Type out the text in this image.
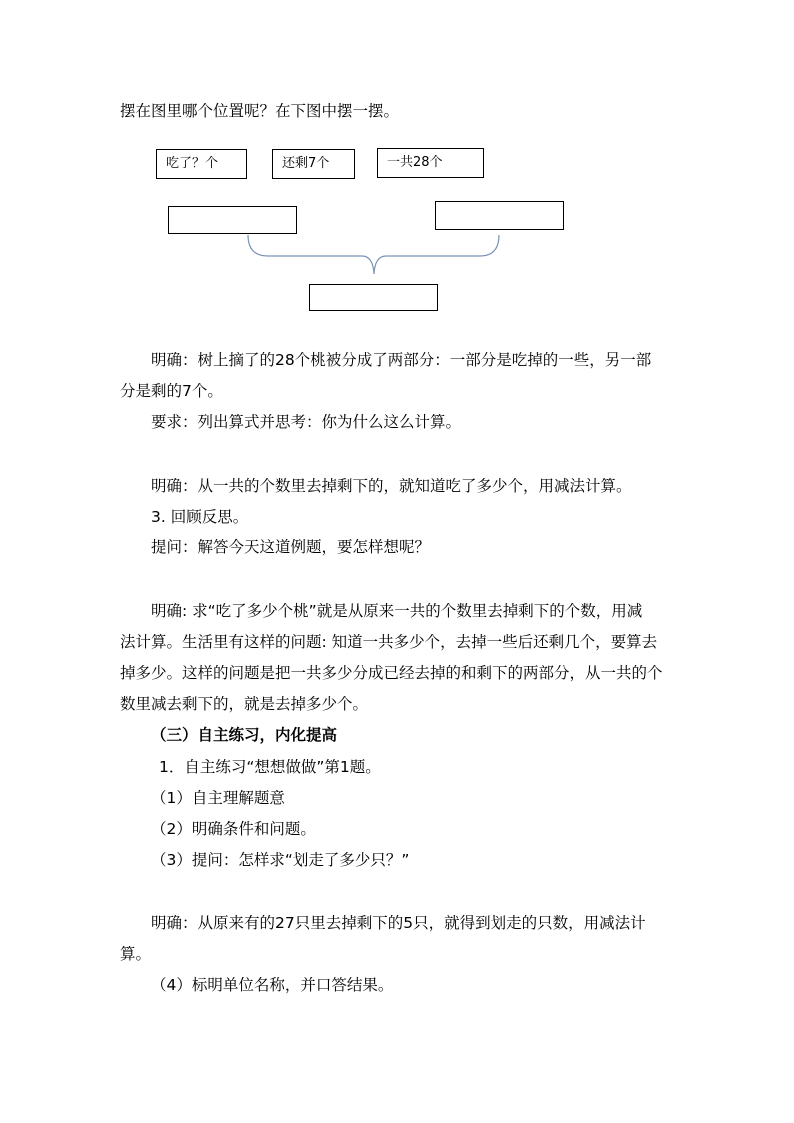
摆在图里哪个位置呢？在下图中摆一摆。
吃了？个	还剩7个	一共28个
明确：树上摘了的28个桃被分成了两部分：一部分是吃掉的一些，另一部
分是剩的7个。
要求：列出算式并思考：你为什么这么计算。
明确：从一共的个数里去掉剩下的，就知道吃了多少个，用减法计算。
3. 回顾反思。
提问：解答今天这道例题，要怎样想呢？
明确: 求“吃了多少个桃”就是从原来一共的个数里去掉剩下的个数，用减
法计算。生活里有这样的问题: 知道一共多少个，去掉一些后还剩几个，要算去
掉多少。这样的问题是把一共多少分成已经去掉的和剩下的两部分，从一共的个
数里减去剩下的，就是去掉多少个。
（三）自主练习，内化提高
1．自主练习“想想做做”第1题。
（1）自主理解题意
（2）明确条件和问题。
（3）提问：怎样求“划走了多少只？”
明确：从原来有的27只里去掉剩下的5只，就得到划走的只数，用减法计
算。
（4）标明单位名称，并口答结果。
